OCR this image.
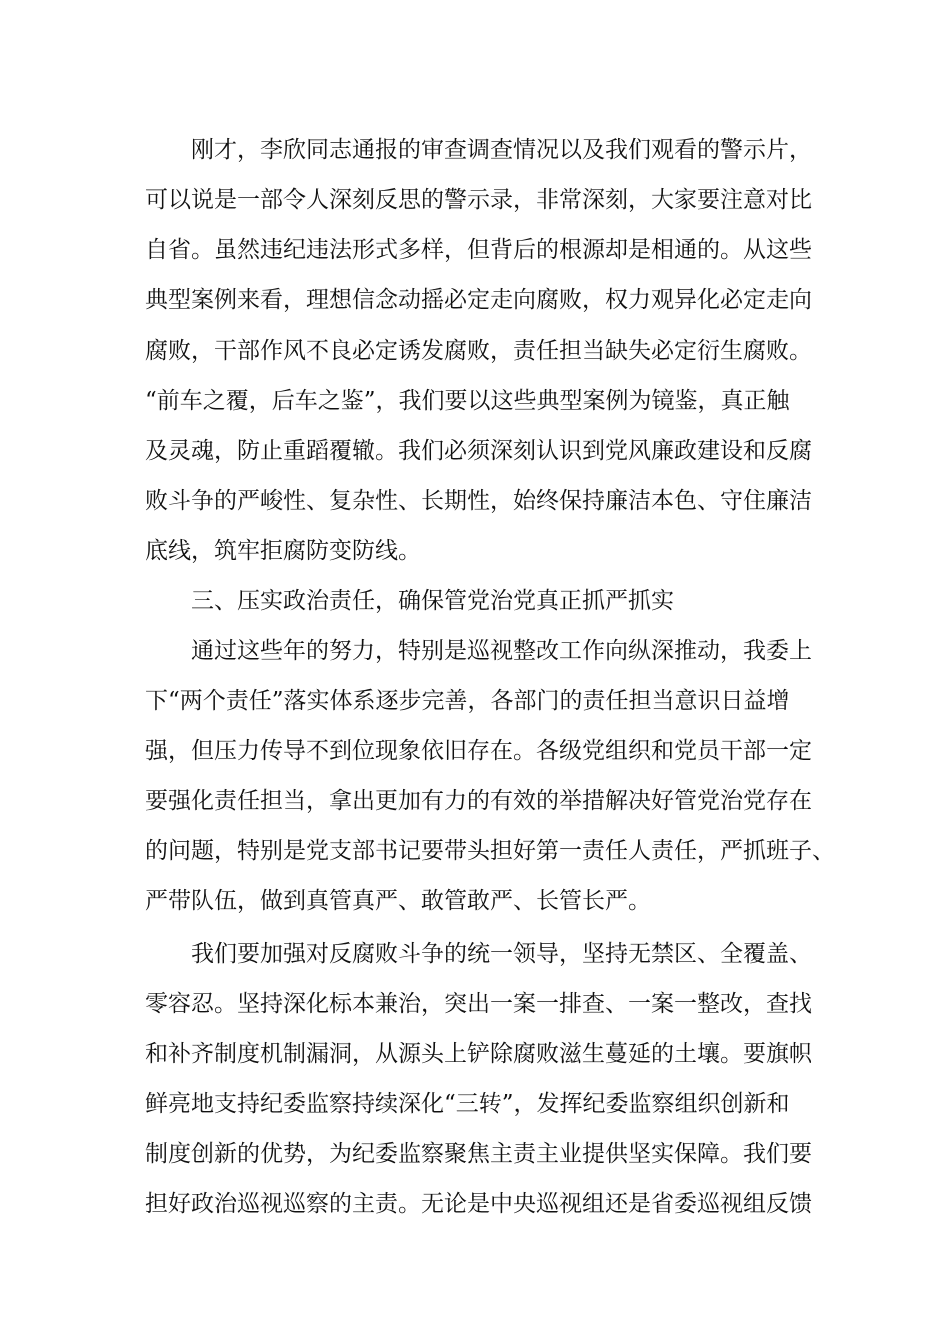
刚才，李欣同志通报的审查调查情况以及我们观看的警示片，
可以说是一部令人深刻反思的警示录，非常深刻，大家要注意对比
自省。虽然违纪违法形式多样，但背后的根源却是相通的。从这些
典型案例来看，理想信念动摇必定走向腐败，权力观异化必定走向
腐败，干部作风不良必定诱发腐败，责任担当缺失必定衍生腐败。
“前车之覆，后车之鉴”，我们要以这些典型案例为镜鉴，真正触
及灵魂，防止重蹈覆辙。我们必须深刻认识到党风廉政建设和反腐
败斗争的严峻性、复杂性、长期性，始终保持廉洁本色、守住廉洁
底线，筑牢拒腐防变防线。
三、压实政治责任，确保管党治党真正抓严抓实
通过这些年的努力，特别是巡视整改工作向纵深推动，我委上
下“两个责任”落实体系逐步完善，各部门的责任担当意识日益增
强，但压力传导不到位现象依旧存在。各级党组织和党员干部一定
要强化责任担当，拿出更加有力的有效的举措解决好管党治党存在
的问题，特别是党支部书记要带头担好第一责任人责任，严抓班子、
严带队伍，做到真管真严、敢管敢严、长管长严。
我们要加强对反腐败斗争的统一领导，坚持无禁区、全覆盖、
零容忍。坚持深化标本兼治，突出一案一排查、一案一整改，查找
和补齐制度机制漏洞，从源头上铲除腐败滋生蔓延的土壤。要旗帜
鲜亮地支持纪委监察持续深化“三转”，发挥纪委监察组织创新和
制度创新的优势，为纪委监察聚焦主责主业提供坚实保障。我们要
担好政治巡视巡察的主责。无论是中央巡视组还是省委巡视组反馈
